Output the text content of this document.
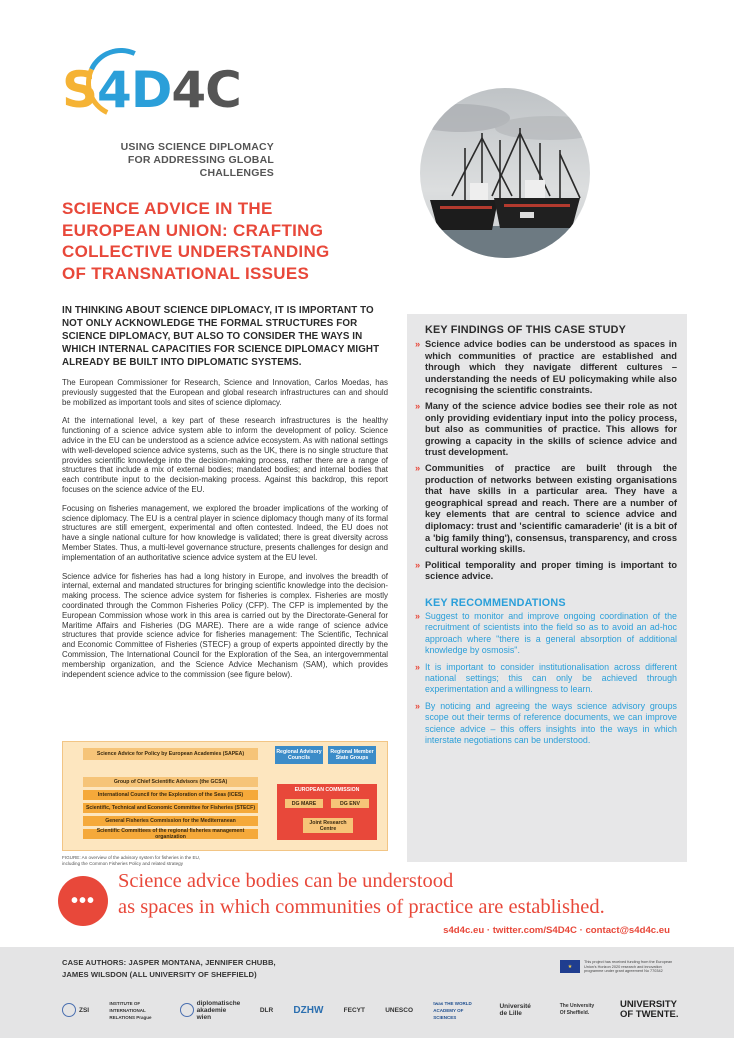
S4D4C
USING SCIENCE DIPLOMACY
FOR ADDRESSING GLOBAL CHALLENGES
SCIENCE ADVICE IN THE
EUROPEAN UNION: CRAFTING
COLLECTIVE UNDERSTANDING
OF TRANSNATIONAL ISSUES

IN THINKING ABOUT SCIENCE DIPLOMACY, IT IS IMPORTANT TO NOT ONLY ACKNOWLEDGE THE FORMAL STRUCTURES FOR SCIENCE DIPLOMACY, BUT ALSO TO CONSIDER THE WAYS IN WHICH INTERNAL CAPACITIES FOR SCIENCE DIPLOMACY MIGHT ALREADY BE BUILT INTO DIPLOMATIC SYSTEMS.

The European Commissioner for Research, Science and Innovation, Carlos Moedas, has previously suggested that the European and global research infrastructures can and should be mobilized as important tools and sites of science diplomacy.

At the international level, a key part of these research infrastructures is the healthy functioning of a science advice system able to inform the development of policy. Science advice in the EU can be understood as a science advice ecosystem. As with national settings with well-developed science advice systems, such as the UK, there is no single structure that provides scientific knowledge into the decision-making process, rather there are a range of structures that include a mix of external bodies; mandated bodies; and internal bodies that each contribute input to the decision-making process. Against this backdrop, this report focuses on the science advice of the EU.

Focusing on fisheries management, we explored the broader implications of the working of science diplomacy. The EU is a central player in science diplomacy though many of its formal structures are still emergent, experimental and often contested. Indeed, the EU does not have a single national culture for how knowledge is validated; there is great diversity across Member States. Thus, a multi-level governance structure, presents challenges for design and implementation of an authoritative science advice system at the EU level.

Science advice for fisheries has had a long history in Europe, and involves the breadth of internal, external and mandated structures for bringing scientific knowledge into the decision-making process. The science advice system for fisheries is complex. Fisheries are mostly coordinated through the Common Fisheries Policy (CFP). The CFP is implemented by the European Commission whose work in this area is carried out by the Directorate-General for Maritime Affairs and Fisheries (DG MARE). There are a wide range of science advice structures that provide science advice for fisheries management: The Scientific, Technical and Economic Committee of Fisheries (STECF) a group of experts appointed directly by the Commission, The International Council for the Exploration of the Sea, an intergovernmental membership organization, and the Science Advice Mechanism (SAM), which provides independent science advice to the commission (see figure below).

Science Advice for Policy by European Academies (SAPEA)
Group of Chief Scientific Advisors (the GCSA)
International Council for the Exploration of the Seas (ICES)
Scientific, Technical and Economic Committee for Fisheries (STECF)
General Fisheries Commission for the Mediterranean
Scientific Committees of the regional fisheries management organization
Regional Advisory Councils
Regional Member State Groups
EUROPEAN COMMISSION
DG MARE	DG ENV
Joint Research Centre
FIGURE: An overview of the advisory system for fisheries in the EU,
including the Common Fisheries Policy and related strategy
KEY FINDINGS OF THIS CASE STUDY
» Science advice bodies can be understood as spaces in which communities of practice are established and through which they navigate different cultures – understanding the needs of EU policymaking while also recognising the scientific constraints.
» Many of the science advice bodies see their role as not only providing evidentiary input into the policy process, but also as communities of practice. This allows for growing a capacity in the skills of science advice and trust development.
» Communities of practice are built through the production of networks between existing organisations that have skills in a particular area. They have a geographical spread and reach. There are a number of key elements that are central to science advice and diplomacy: trust and 'scientific camaraderie' (it is a bit of a 'big family thing'), consensus, transparency, and cross cultural working skills.
» Political temporality and proper timing is important to science advice.
KEY RECOMMENDATIONS
» Suggest to monitor and improve ongoing coordination of the recruitment of scientists into the field so as to avoid an ad-hoc approach where "there is a general absorption of additional knowledge by osmosis".
» It is important to consider institutionalisation across different national settings; this can only be achieved through experimentation and a willingness to learn.
» By noticing and agreeing the ways science advisory groups scope out their terms of reference documents, we can improve science advice – this offers insights into the ways in which interstate negotiations can be understood.
•••
Science advice bodies can be understood
as spaces in which communities of practice are established.
s4d4c.eu · twitter.com/S4D4C · contact@s4d4c.eu
CASE AUTHORS: JASPER MONTANA, JENNIFER CHUBB,
JAMES WILSDON (ALL UNIVERSITY OF SHEFFIELD)
★
This project has received funding from the European Union's Horizon 2020 research and innovation programme under grant agreement No 770342
ZSI
INSTITUTE OF INTERNATIONAL RELATIONS Prague
diplomatische akademie wien
DLR DZHW	FECYT	UNESCO
twas THE WORLD ACADEMY OF SCIENCES
Université de Lille
The University Of Sheffield.
UNIVERSITY OF TWENTE.
